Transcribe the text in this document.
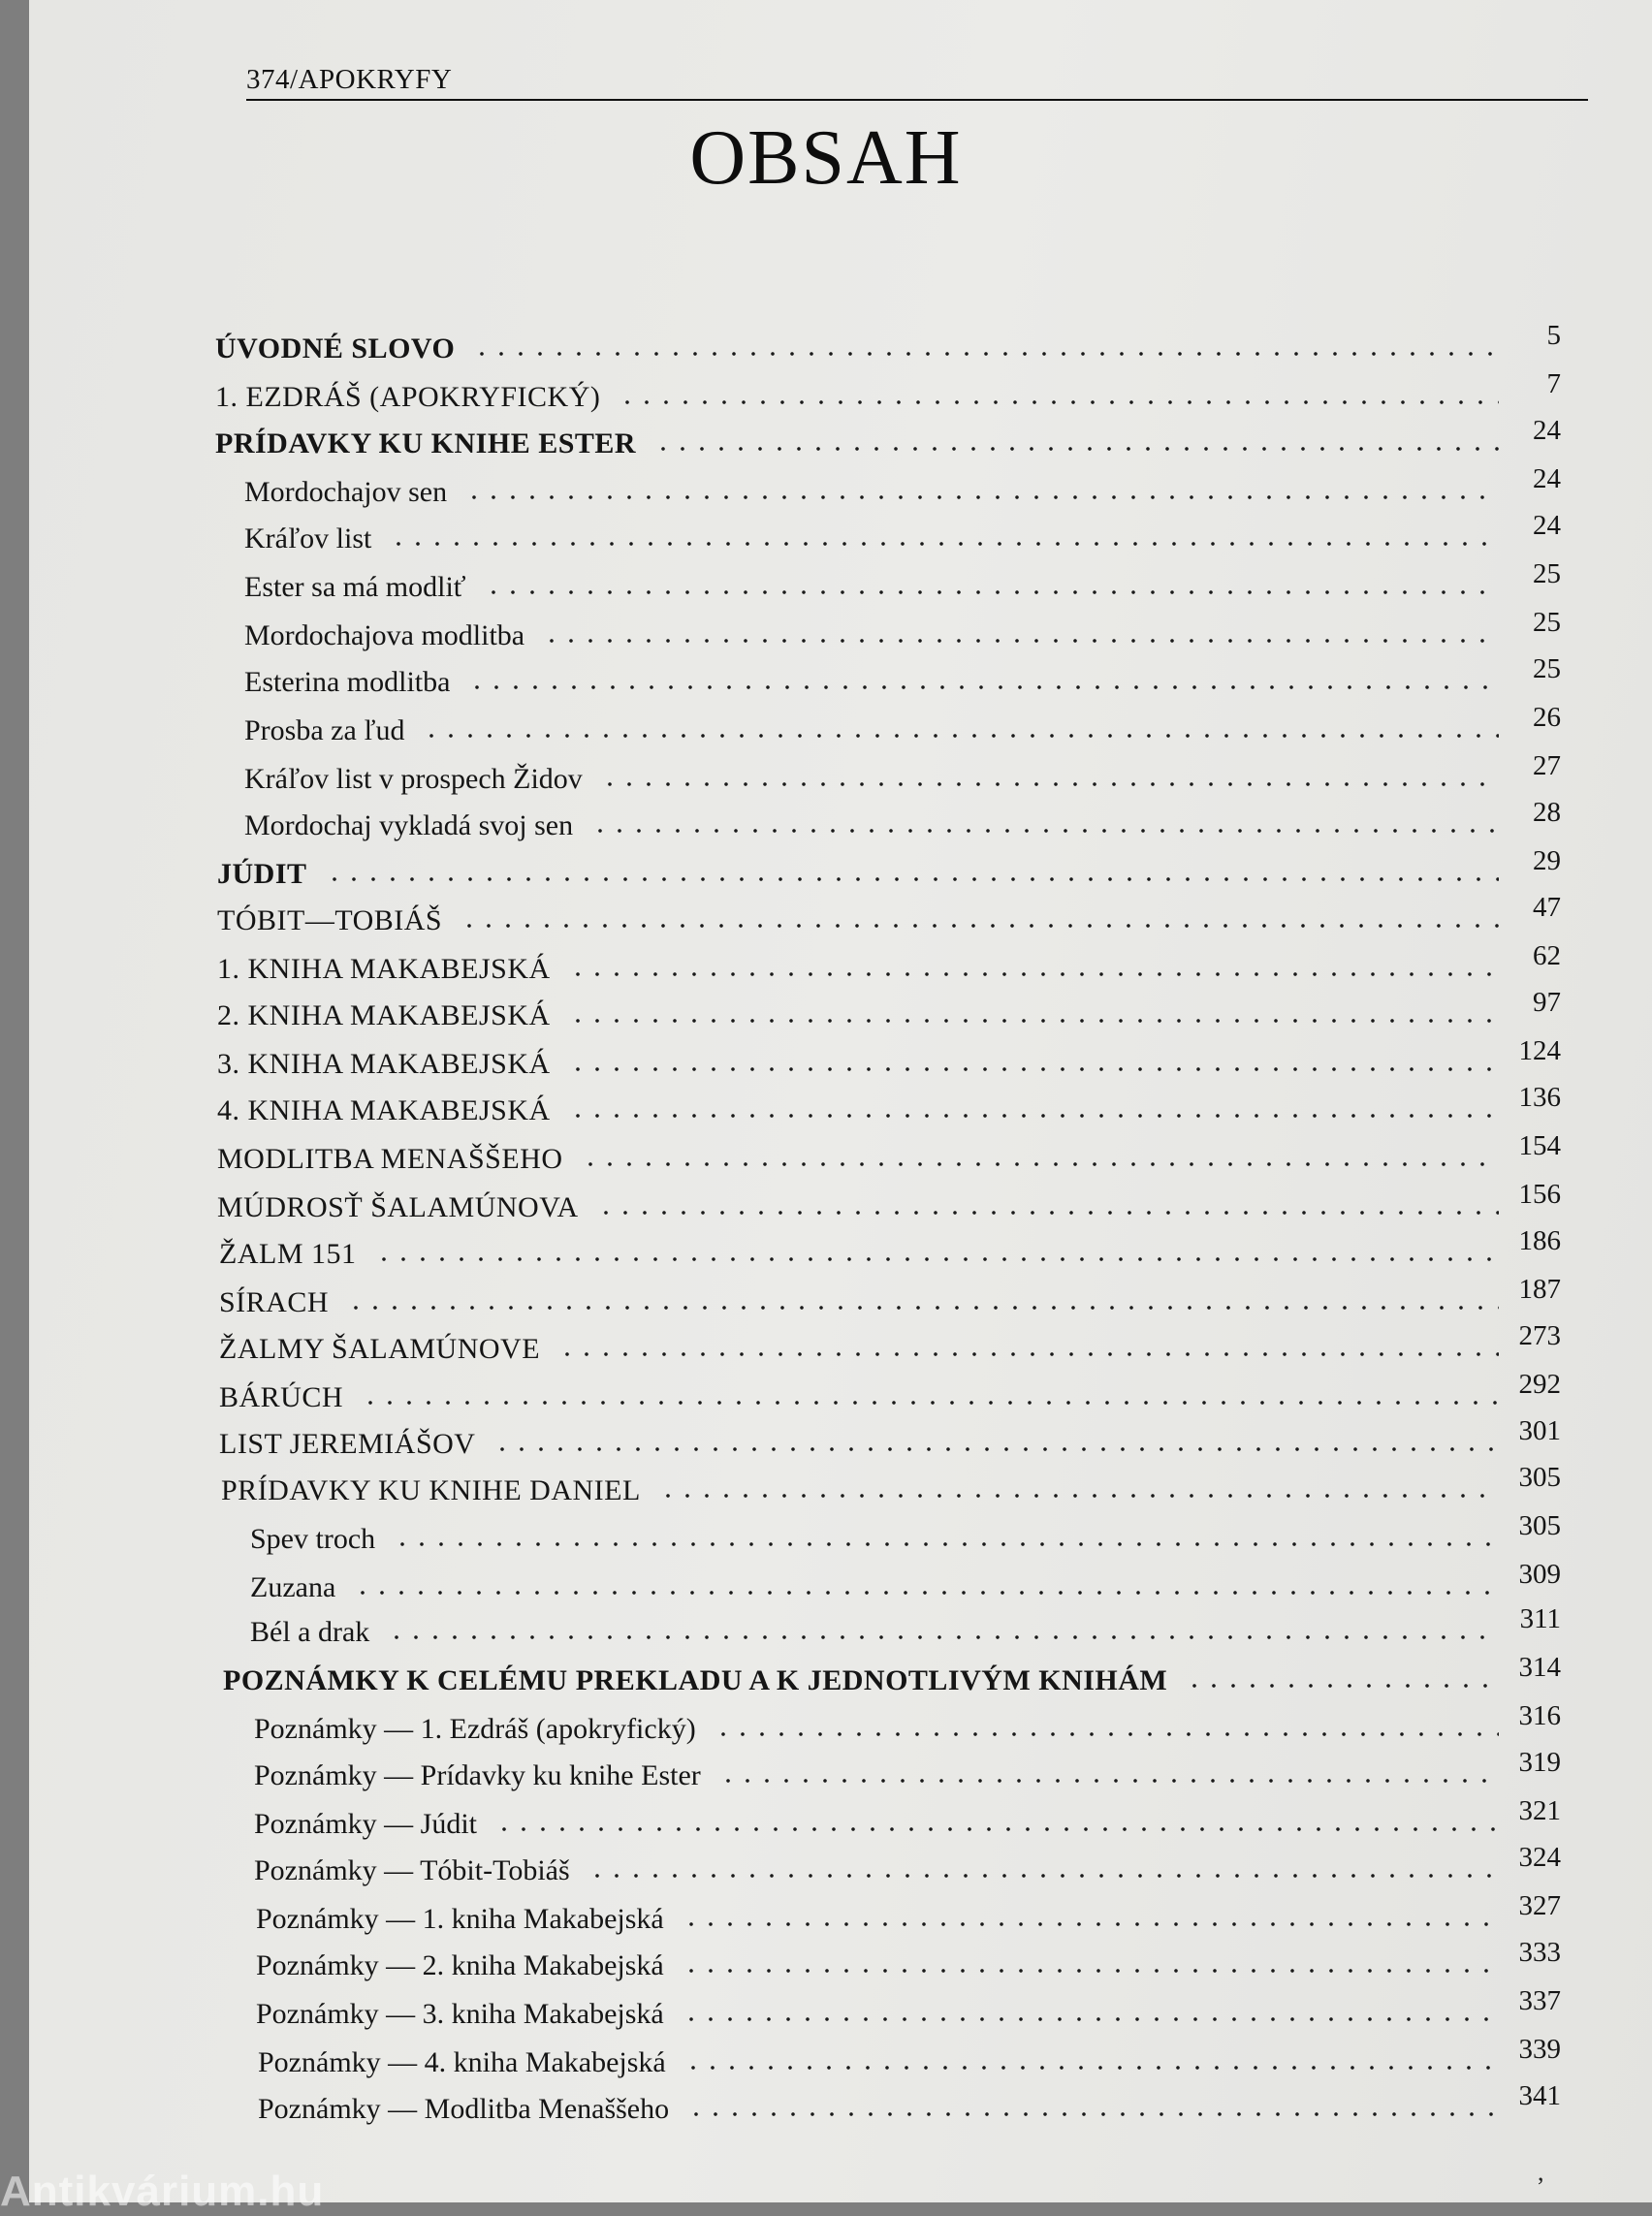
374/APOKRYFY
OBSAH
ÚVODNÉ SLOVO	5
1. EZDRÁŠ (APOKRYFICKÝ)	7
PRÍDAVKY KU KNIHE ESTER	24
Mordochajov sen	24
Kráľov list	24
Ester sa má modliť	25
Mordochajova modlitba	25
Esterina modlitba	25
Prosba za ľud	26
Kráľov list v prospech Židov	27
Mordochaj vykladá svoj sen	28
JÚDIT	29
TÓBIT—TOBIÁŠ	47
1. KNIHA MAKABEJSKÁ	62
2. KNIHA MAKABEJSKÁ	97
3. KNIHA MAKABEJSKÁ	124
4. KNIHA MAKABEJSKÁ	136
MODLITBA MENAŠŠEHO	154
MÚDROSŤ ŠALAMÚNOVA	156
ŽALM 151	186
SÍRACH	187
ŽALMY ŠALAMÚNOVE	273
BÁRÚCH	292
LIST JEREMIÁŠOV	301
PRÍDAVKY KU KNIHE DANIEL	305
Spev troch	305
Zuzana	309
Bél a drak	311
POZNÁMKY K CELÉMU PREKLADU A K JEDNOTLIVÝM KNIHÁM	314
Poznámky — 1. Ezdráš (apokryfický)	316
Poznámky — Prídavky ku knihe Ester	319
Poznámky — Júdit	321
Poznámky — Tóbit-Tobiáš	324
Poznámky — 1. kniha Makabejská	327
Poznámky — 2. kniha Makabejská	333
Poznámky — 3. kniha Makabejská	337
Poznámky — 4. kniha Makabejská	339
Poznámky — Modlitba Menaššeho	341
Antikvárium.hu	,
